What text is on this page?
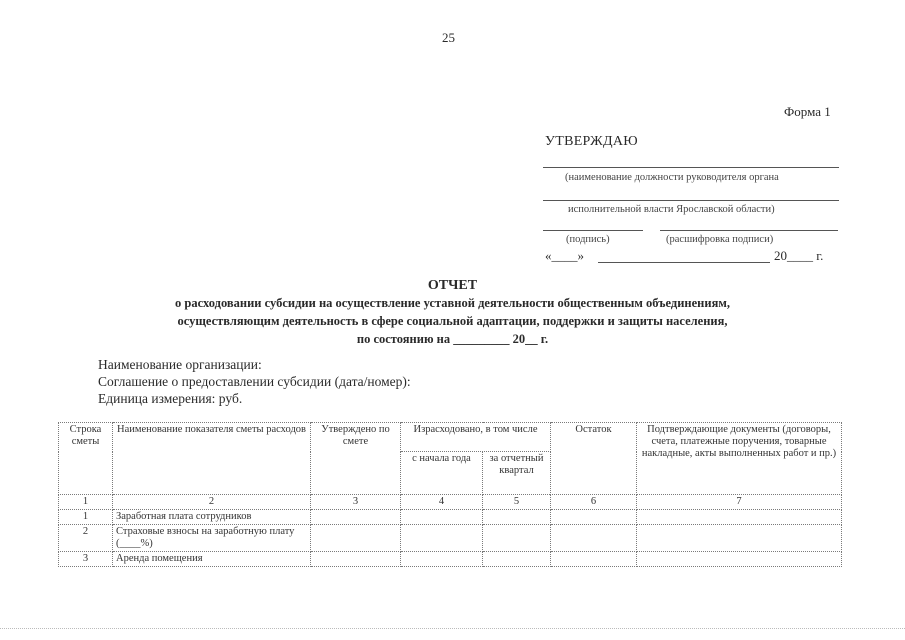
25
Форма 1
УТВЕРЖДАЮ
(наименование должности руководителя органа
исполнительной власти Ярославской области)
(подпись)	(расшифровка подписи)
«____»	20____ г.
ОТЧЕТ
о расходовании субсидии на осуществление уставной деятельности общественным объединениям,
осуществляющим деятельность в сфере социальной адаптации, поддержки и защиты населения,
по состоянию на _________ 20__ г.
Наименование организации:
Соглашение о предоставлении субсидии (дата/номер):
Единица измерения: руб.
Строка сметы	Наименование показателя сметы расходов	Утверждено по смете	Израсходовано, в том числе		Остаток	Подтверждающие документы (договоры, счета, платежные поручения, товарные накладные, акты выполненных работ и пр.)
			с начала года	за отчетный квартал		
1	2	3	4	5	6	7
1	Заработная плата сотрудников					
2	Страховые взносы на заработную плату (____%)					
3	Аренда помещения					
